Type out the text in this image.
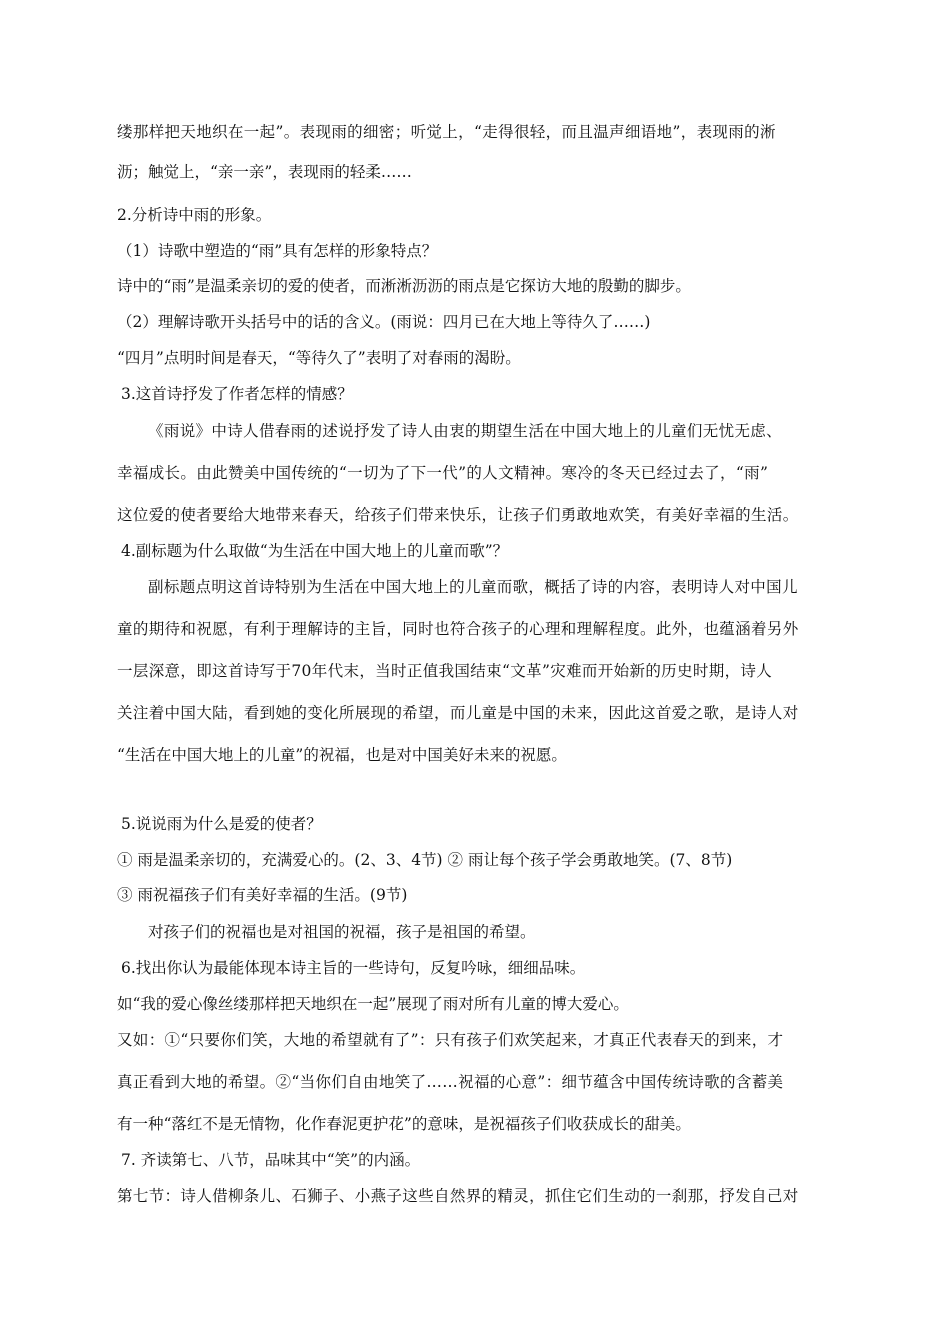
缕那样把天地织在一起”。表现雨的细密；听觉上，“走得很轻，而且温声细语地”，表现雨的淅
沥；触觉上，“亲一亲”，表现雨的轻柔……
2.分析诗中雨的形象。
（1）诗歌中塑造的“雨”具有怎样的形象特点？
诗中的“雨”是温柔亲切的爱的使者，而淅淅沥沥的雨点是它探访大地的殷勤的脚步。
（2）理解诗歌开头括号中的话的含义。(雨说：四月已在大地上等待久了……)
“四月”点明时间是春天，“等待久了”表明了对春雨的渴盼。
3.这首诗抒发了作者怎样的情感？
《雨说》中诗人借春雨的述说抒发了诗人由衷的期望生活在中国大地上的儿童们无忧无虑、
幸福成长。由此赞美中国传统的“一切为了下一代”的人文精神。寒冷的冬天已经过去了，“雨”
这位爱的使者要给大地带来春天，给孩子们带来快乐，让孩子们勇敢地欢笑，有美好幸福的生活。
4.副标题为什么取做“为生活在中国大地上的儿童而歌”？
副标题点明这首诗特别为生活在中国大地上的儿童而歌，概括了诗的内容，表明诗人对中国儿
童的期待和祝愿，有利于理解诗的主旨，同时也符合孩子的心理和理解程度。此外，也蕴涵着另外
一层深意，即这首诗写于70年代末，当时正值我国结束“文革”灾难而开始新的历史时期，诗人
关注着中国大陆，看到她的变化所展现的希望，而儿童是中国的未来，因此这首爱之歌，是诗人对
“生活在中国大地上的儿童”的祝福，也是对中国美好未来的祝愿。
5.说说雨为什么是爱的使者？
① 雨是温柔亲切的，充满爱心的。(2、3、4节) ② 雨让每个孩子学会勇敢地笑。(7、8节)
③ 雨祝福孩子们有美好幸福的生活。(9节)
对孩子们的祝福也是对祖国的祝福，孩子是祖国的希望。
6.找出你认为最能体现本诗主旨的一些诗句，反复吟咏，细细品味。
如“我的爱心像丝缕那样把天地织在一起”展现了雨对所有儿童的博大爱心。
又如：①“只要你们笑，大地的希望就有了”：只有孩子们欢笑起来，才真正代表春天的到来，才
真正看到大地的希望。②“当你们自由地笑了……祝福的心意”：细节蕴含中国传统诗歌的含蓄美
有一种“落红不是无情物，化作春泥更护花”的意味，是祝福孩子们收获成长的甜美。
7. 齐读第七、八节，品味其中“笑”的内涵。
第七节：诗人借柳条儿、石狮子、小燕子这些自然界的精灵，抓住它们生动的一刹那，抒发自己对
